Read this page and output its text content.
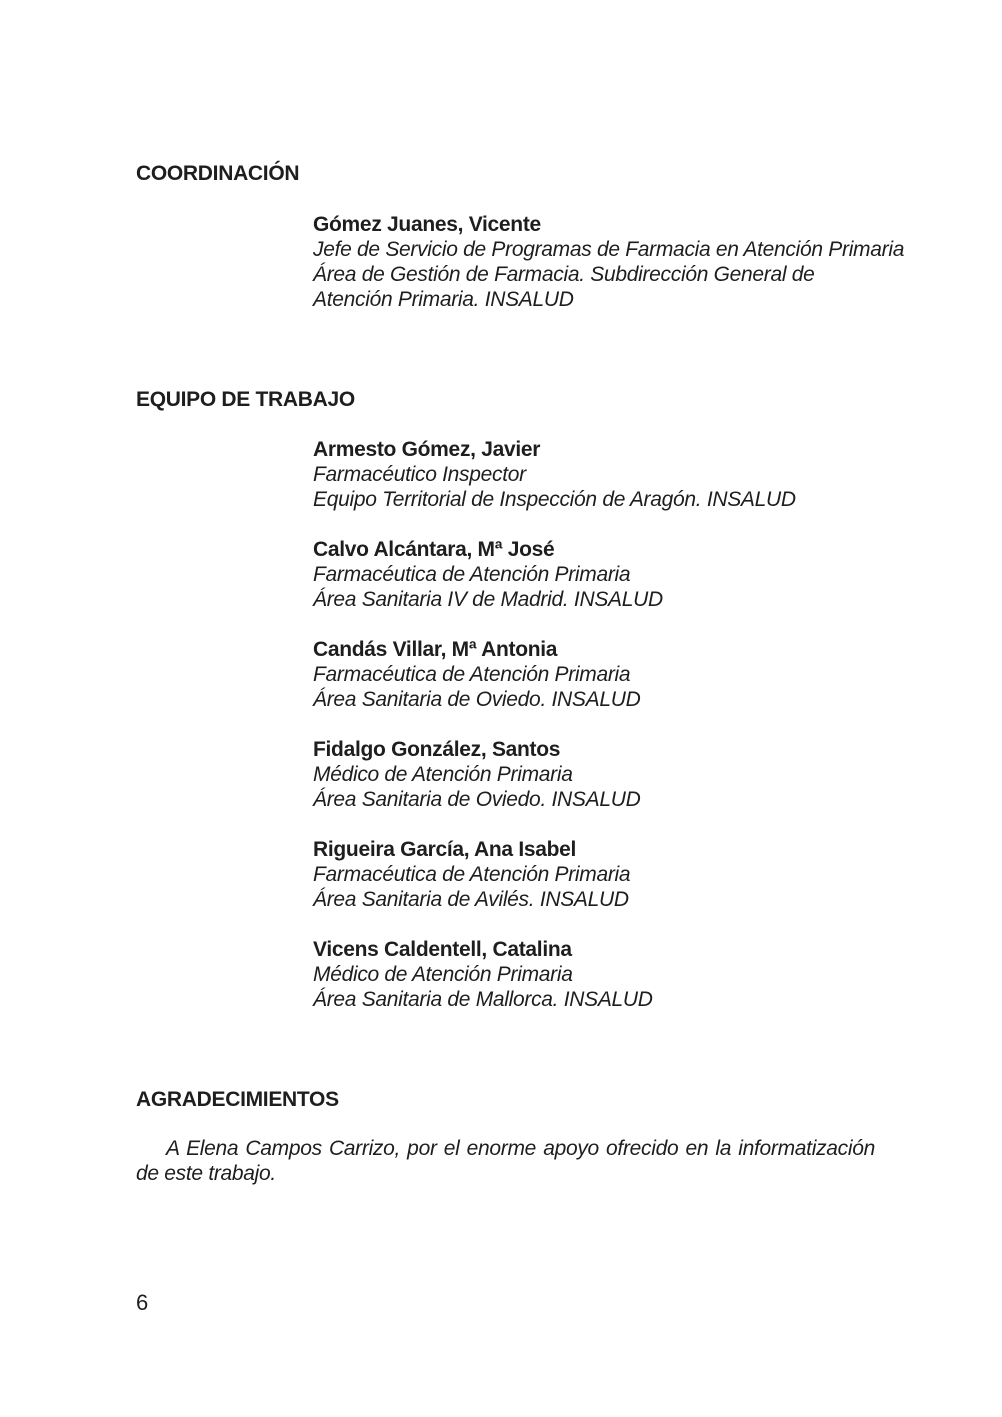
COORDINACIÓN
Gómez Juanes, Vicente
Jefe de Servicio de Programas de Farmacia en Atención Primaria
Área de Gestión de Farmacia. Subdirección General de Atención Primaria. INSALUD
EQUIPO DE TRABAJO
Armesto Gómez, Javier
Farmacéutico Inspector
Equipo Territorial de Inspección de Aragón. INSALUD
Calvo Alcántara, Mª José
Farmacéutica de Atención Primaria
Área Sanitaria IV de Madrid. INSALUD
Candás Villar, Mª Antonia
Farmacéutica de Atención Primaria
Área Sanitaria de Oviedo. INSALUD
Fidalgo González, Santos
Médico de Atención Primaria
Área Sanitaria de Oviedo. INSALUD
Rigueira García, Ana Isabel
Farmacéutica de Atención Primaria
Área Sanitaria de Avilés. INSALUD
Vicens Caldentell, Catalina
Médico de Atención Primaria
Área Sanitaria de Mallorca. INSALUD
AGRADECIMIENTOS

A Elena Campos Carrizo, por el enorme apoyo ofrecido en la informatización de este trabajo.

6
